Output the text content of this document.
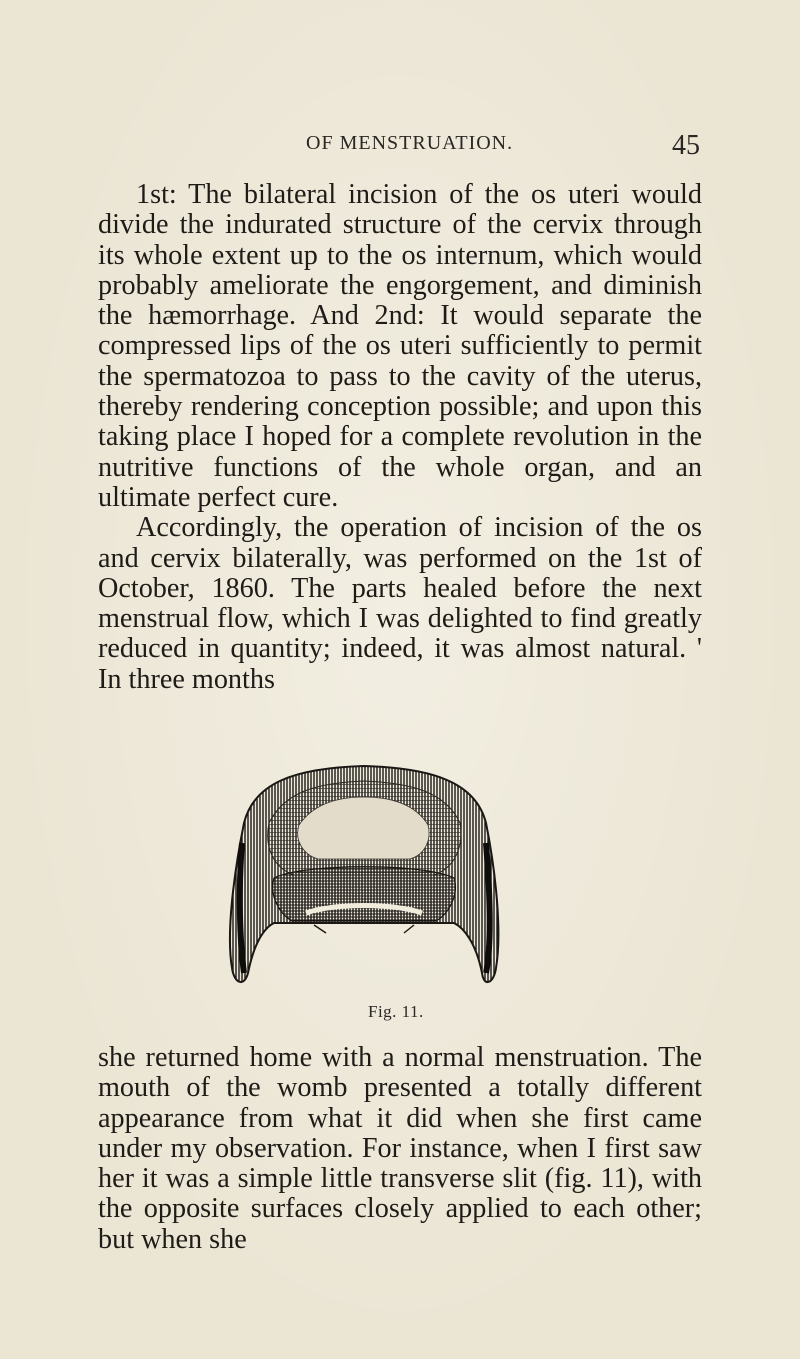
OF MENSTRUATION.	45

1st: The bilateral incision of the os uteri would divide the indurated structure of the cervix through its whole extent up to the os internum, which would probably ameliorate the engorgement, and diminish the hæmorrhage. And 2nd: It would separate the compressed lips of the os uteri sufficiently to permit the spermatozoa to pass to the cavity of the uterus, thereby rendering conception possible; and upon this taking place I hoped for a complete revolution in the nutritive functions of the whole organ, and an ultimate perfect cure.

Accordingly, the operation of incision of the os and cervix bilaterally, was performed on the 1st of October, 1860. The parts healed before the next menstrual flow, which I was delighted to find greatly reduced in quantity; indeed, it was almost natural. ' In three months

Fig. 11.

she returned home with a normal menstruation. The mouth of the womb presented a totally different appearance from what it did when she first came under my observation. For instance, when I first saw her it was a simple little transverse slit (fig. 11), with the opposite surfaces closely applied to each other; but when she
